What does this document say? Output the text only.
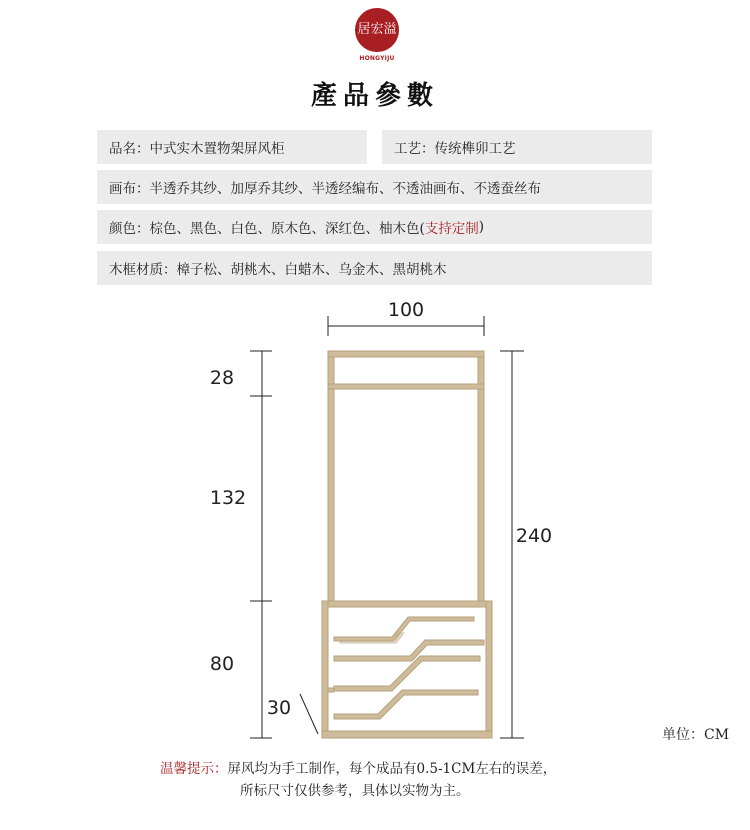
居宏溢
HONGYIJU
產品參數
品名：中式实木置物架屏风柜	工艺：传统榫卯工艺
画布：半透乔其纱、加厚乔其纱、半透经编布、不透油画布、不透蚕丝布
颜色：棕色、黑色、白色、原木色、深红色、柚木色( 支持定制 )
木框材质：樟子松、胡桃木、白蜡木、乌金木、黑胡桃木
100
28
132
80
240
30
单位：CM
温馨提示：屏风均为手工制作，每个成品有0.5-1CM左右的误差，
所标尺寸仅供参考，具体以实物为主。
